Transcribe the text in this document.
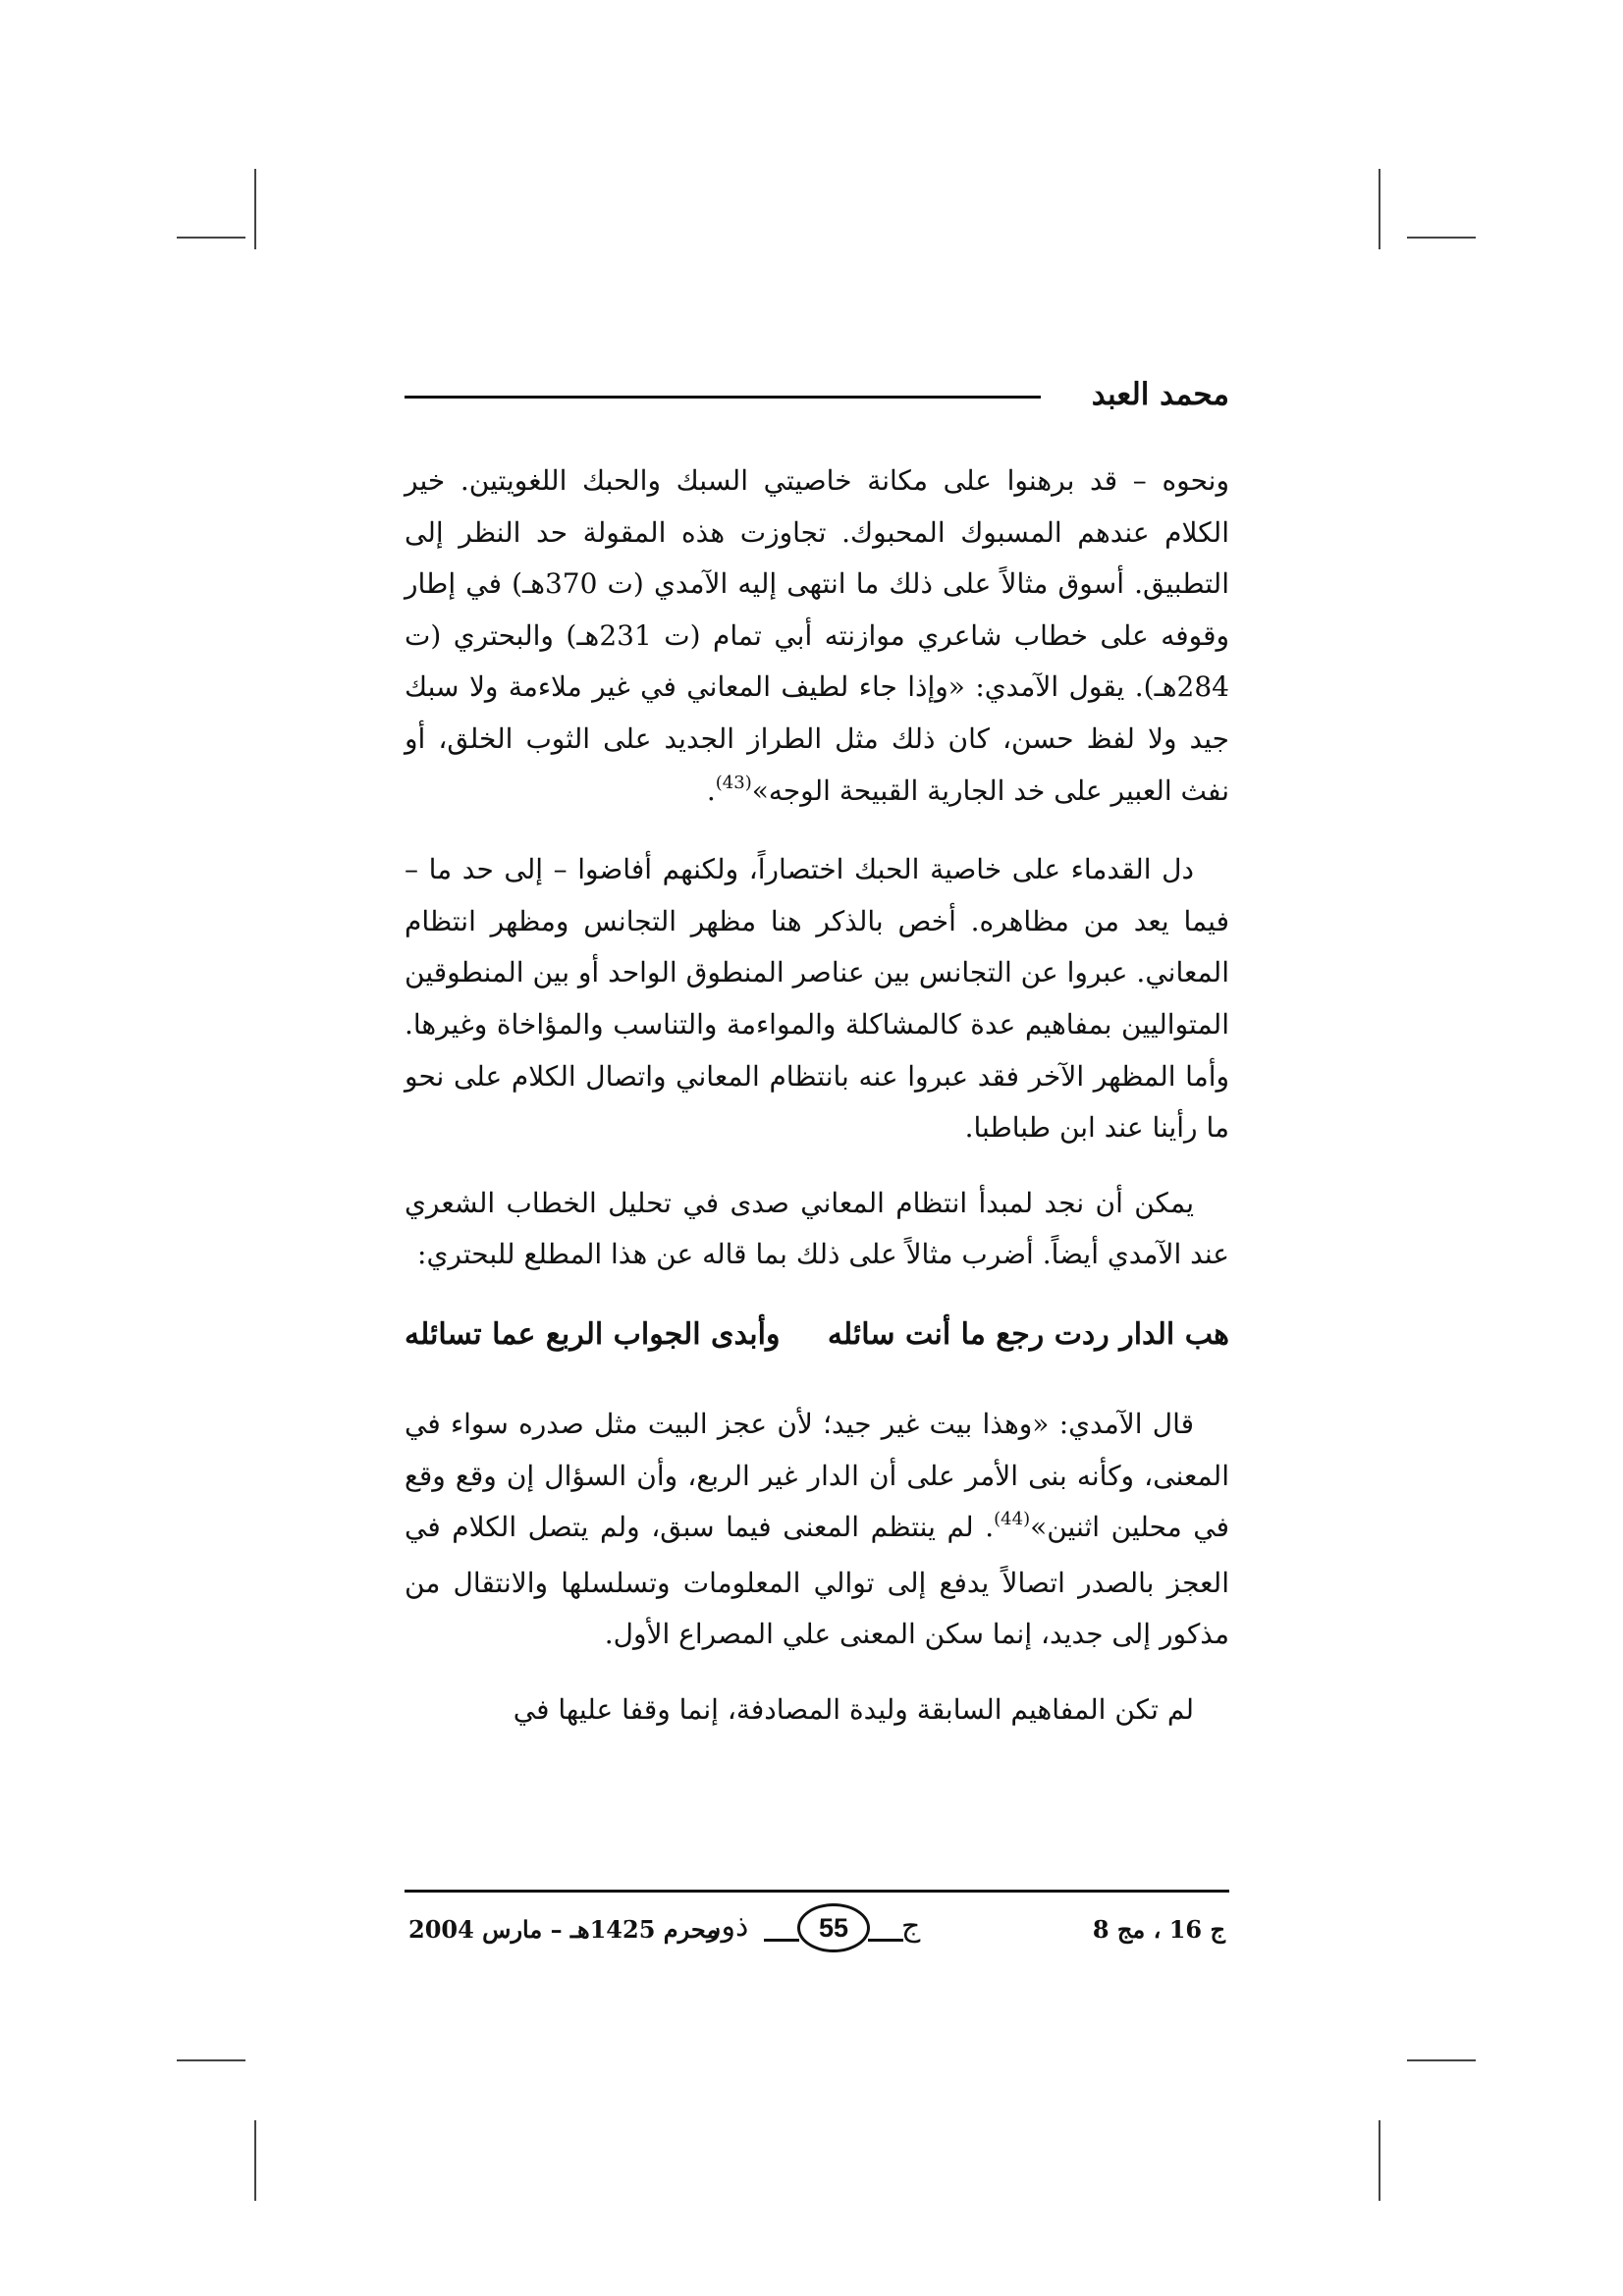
محمد العبد

ونحوه – قد برهنوا على مكانة خاصيتي السبك والحبك اللغويتين. خير الكلام عندهم المسبوك المحبوك. تجاوزت هذه المقولة حد النظر إلى التطبيق. أسوق مثالاً على ذلك ما انتهى إليه الآمدي (ت 370هـ) في إطار وقوفه على خطاب شاعري موازنته أبي تمام (ت 231هـ) والبحتري (ت 284هـ). يقول الآمدي: «وإذا جاء لطيف المعاني في غير ملاءمة ولا سبك جيد ولا لفظ حسن، كان ذلك مثل الطراز الجديد على الثوب الخلق، أو نفث العبير على خد الجارية القبيحة الوجه»$^{(43)}$.

دل القدماء على خاصية الحبك اختصاراً، ولكنهم أفاضوا – إلى حد ما – فيما يعد من مظاهره. أخص بالذكر هنا مظهر التجانس ومظهر انتظام المعاني. عبروا عن التجانس بين عناصر المنطوق الواحد أو بين المنطوقين المتواليين بمفاهيم عدة كالمشاكلة والمواءمة والتناسب والمؤاخاة وغيرها. وأما المظهر الآخر فقد عبروا عنه بانتظام المعاني واتصال الكلام على نحو ما رأينا عند ابن طباطبا.

يمكن أن نجد لمبدأ انتظام المعاني صدى في تحليل الخطاب الشعري عند الآمدي أيضاً. أضرب مثالاً على ذلك بما قاله عن هذا المطلع للبحتري:

هب الدار ردت رجع ما أنت سائله
وأبدى الجواب الربع عما تسائله

قال الآمدي: «وهذا بيت غير جيد؛ لأن عجز البيت مثل صدره سواء في المعنى، وكأنه بنى الأمر على أن الدار غير الربع، وأن السؤال إن وقع وقع في محلين اثنين»$^{(44)}$. لم ينتظم المعنى فيما سبق، ولم يتصل الكلام في العجز بالصدر اتصالاً يدفع إلى توالي المعلومات وتسلسلها والانتقال من مذكور إلى جديد، إنما سكن المعنى علي المصراع الأول.

لم تكن المفاهيم السابقة وليدة المصادفة، إنما وقفا عليها في

محرم 1425هـ – مارس 2004
ذور	55	ج	ج 16 ، مج 8
